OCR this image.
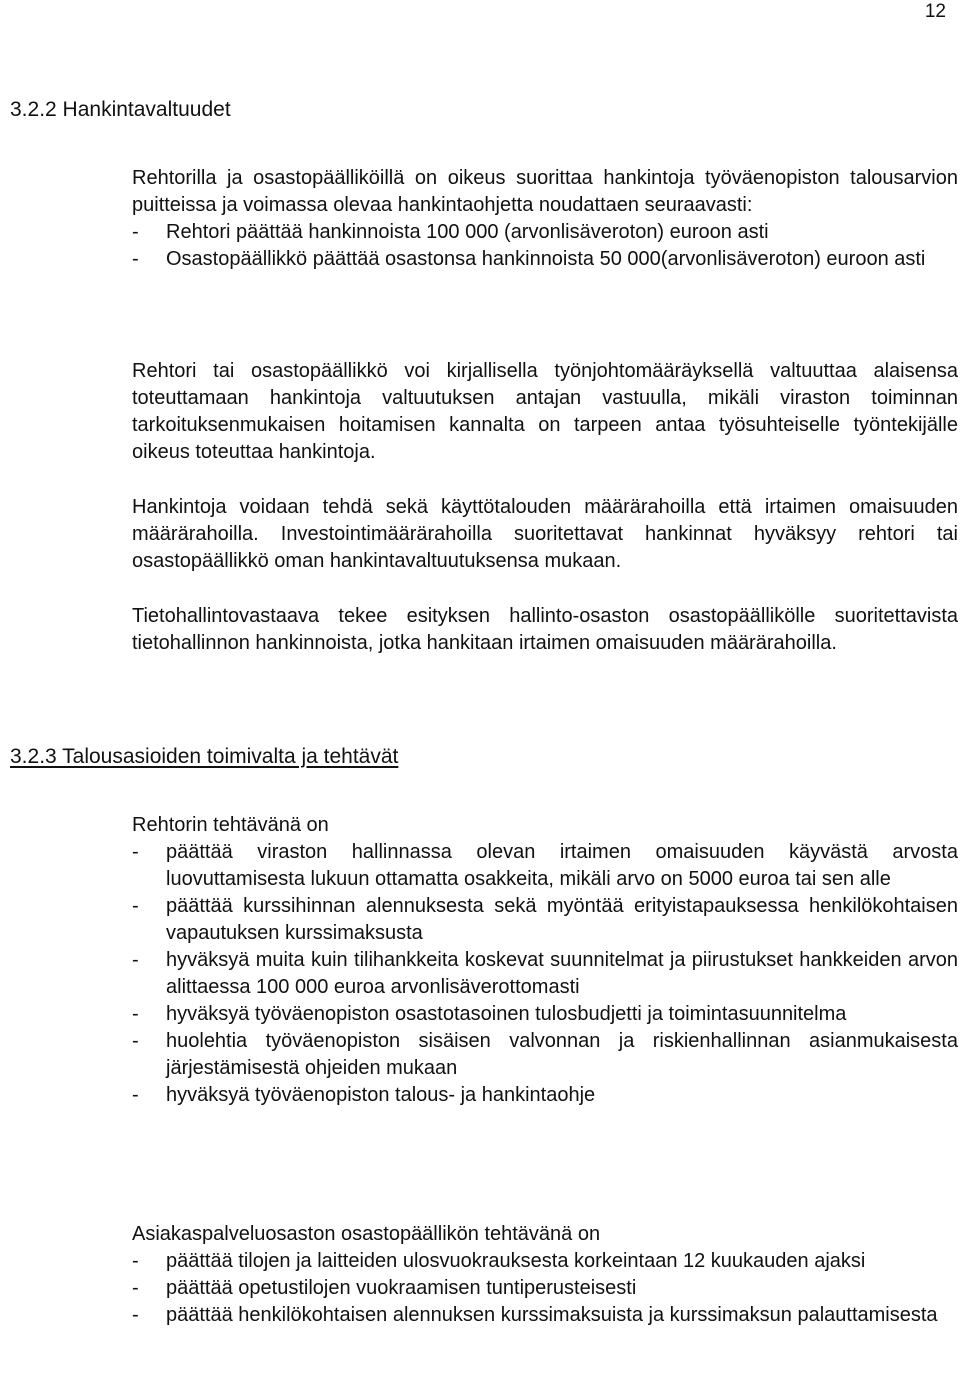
12
3.2.2 Hankintavaltuudet
Rehtorilla ja osastopäälliköillä on oikeus suorittaa hankintoja työväenopiston talousarvion puitteissa ja voimassa olevaa hankintaohjetta noudattaen seuraavasti:
- Rehtori päättää hankinnoista 100 000 (arvonlisäveroton) euroon asti
- Osastopäällikkö päättää osastonsa hankinnoista 50 000(arvonlisäveroton) euroon asti
Rehtori tai osastopäällikkö voi kirjallisella työnjohtomääräyksellä valtuuttaa alaisensa toteuttamaan hankintoja valtuutuksen antajan vastuulla, mikäli viraston toiminnan tarkoituksenmukaisen hoitamisen kannalta on tarpeen antaa työsuhteiselle työntekijälle oikeus toteuttaa hankintoja.
Hankintoja voidaan tehdä sekä käyttötalouden määrärahoilla että irtaimen omaisuuden määrärahoilla. Investointimäärärahoilla suoritettavat hankinnat hyväksyy rehtori tai osastopäällikkö oman hankintavaltuutuksensa mukaan.
Tietohallintovastaava tekee esityksen hallinto-osaston osastopäällikölle suoritettavista tietohallinnon hankinnoista, jotka hankitaan irtaimen omaisuuden määrärahoilla.
3.2.3 Talousasioiden toimivalta ja tehtävät
Rehtorin tehtävänä on
- päättää viraston hallinnassa olevan irtaimen omaisuuden käyvästä arvosta luovuttamisesta lukuun ottamatta osakkeita, mikäli arvo on 5000 euroa tai sen alle
- päättää kurssihinnan alennuksesta sekä myöntää erityistapauksessa henkilökohtaisen vapautuksen kurssimaksusta
- hyväksyä muita kuin tilihankkeita koskevat suunnitelmat ja piirustukset hankkeiden arvon alittaessa 100 000 euroa arvonlisäverottomasti
- hyväksyä työväenopiston osastotasoinen tulosbudjetti ja toimintasuunnitelma
- huolehtia työväenopiston sisäisen valvonnan ja riskienhallinnan asianmukaisesta järjestämisestä ohjeiden mukaan
- hyväksyä työväenopiston talous- ja hankintaohje
Asiakaspalveluosaston osastopäällikön tehtävänä on
- päättää tilojen ja laitteiden ulosvuokrauksesta korkeintaan 12 kuukauden ajaksi
- päättää opetustilojen vuokraamisen tuntiperusteisesti
- päättää henkilökohtaisen alennuksen kurssimaksuista ja kurssimaksun palauttamisesta
